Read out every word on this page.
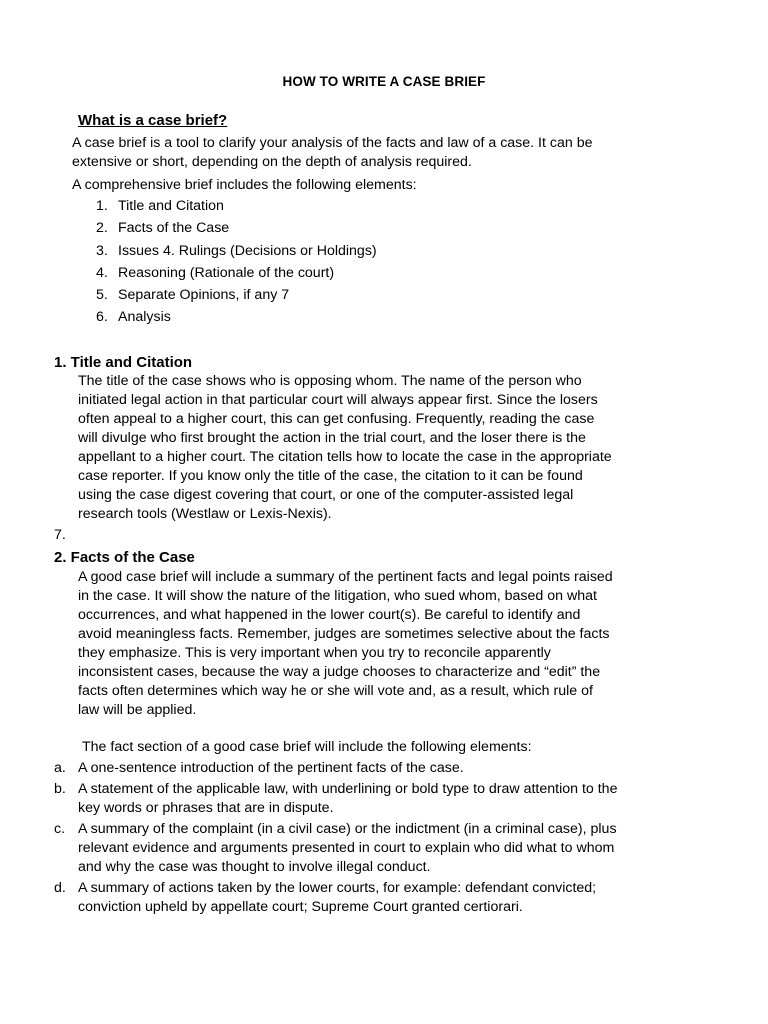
HOW TO WRITE A CASE BRIEF
What is a case brief?
A case brief is a tool to clarify your analysis of the facts and law of a case. It can be
extensive or short, depending on the depth of analysis required.
A comprehensive brief includes the following elements:
1. Title and Citation
2. Facts of the Case
3. Issues 4. Rulings (Decisions or Holdings)
4. Reasoning (Rationale of the court)
5. Separate Opinions, if any 7
6. Analysis
1. Title and Citation
The title of the case shows who is opposing whom. The name of the person who
initiated legal action in that particular court will always appear first. Since the losers
often appeal to a higher court, this can get confusing. Frequently, reading the case
will divulge who first brought the action in the trial court, and the loser there is the
appellant to a higher court. The citation tells how to locate the case in the appropriate
case reporter. If you know only the title of the case, the citation to it can be found
using the case digest covering that court, or one of the computer-assisted legal
research tools (Westlaw or Lexis-Nexis).
7.
2. Facts of the Case
A good case brief will include a summary of the pertinent facts and legal points raised
in the case. It will show the nature of the litigation, who sued whom, based on what
occurrences, and what happened in the lower court(s). Be careful to identify and
avoid meaningless facts. Remember, judges are sometimes selective about the facts
they emphasize. This is very important when you try to reconcile apparently
inconsistent cases, because the way a judge chooses to characterize and “edit” the
facts often determines which way he or she will vote and, as a result, which rule of
law will be applied.
The fact section of a good case brief will include the following elements:
a. A one-sentence introduction of the pertinent facts of the case.
b. A statement of the applicable law, with underlining or bold type to draw attention to the
key words or phrases that are in dispute.
c. A summary of the complaint (in a civil case) or the indictment (in a criminal case), plus
relevant evidence and arguments presented in court to explain who did what to whom
and why the case was thought to involve illegal conduct.
d. A summary of actions taken by the lower courts, for example: defendant convicted;
conviction upheld by appellate court; Supreme Court granted certiorari.
